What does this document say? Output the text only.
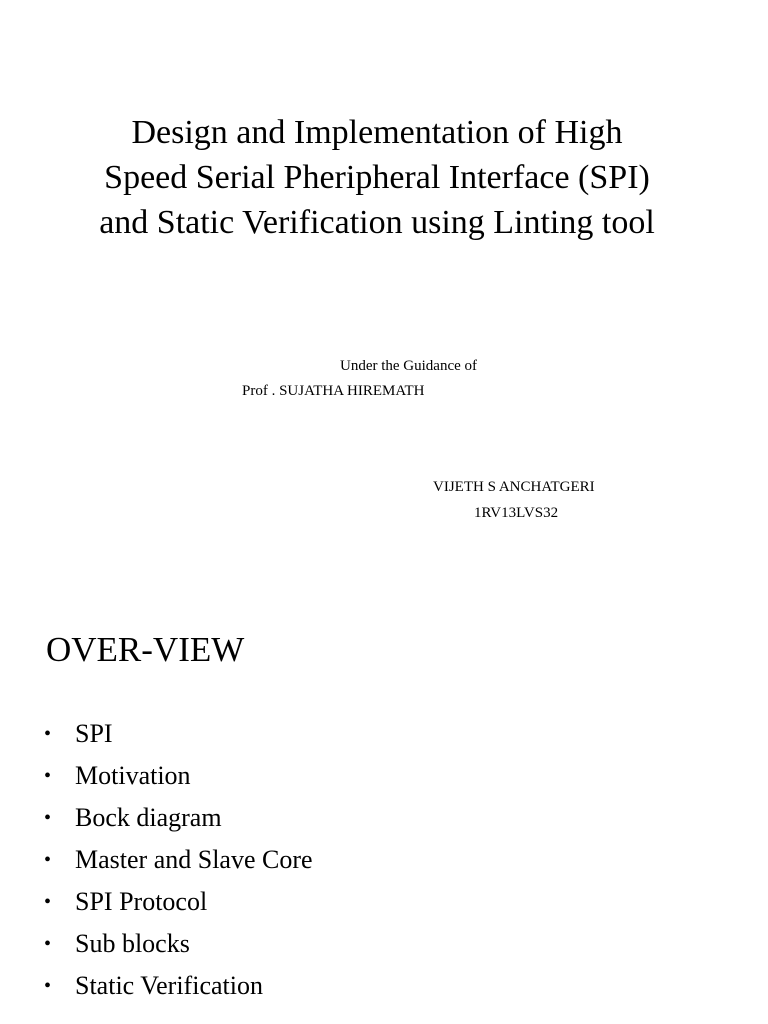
Design and Implementation of High
Speed Serial Pheripheral Interface (SPI)
and Static Verification using Linting tool
Under the Guidance of
Prof . SUJATHA HIREMATH
VIJETH S ANCHATGERI
1RV13LVS32
OVER-VIEW
• SPI
• Motivation
• Bock diagram
• Master and Slave Core
• SPI Protocol
• Sub blocks
• Static Verification
